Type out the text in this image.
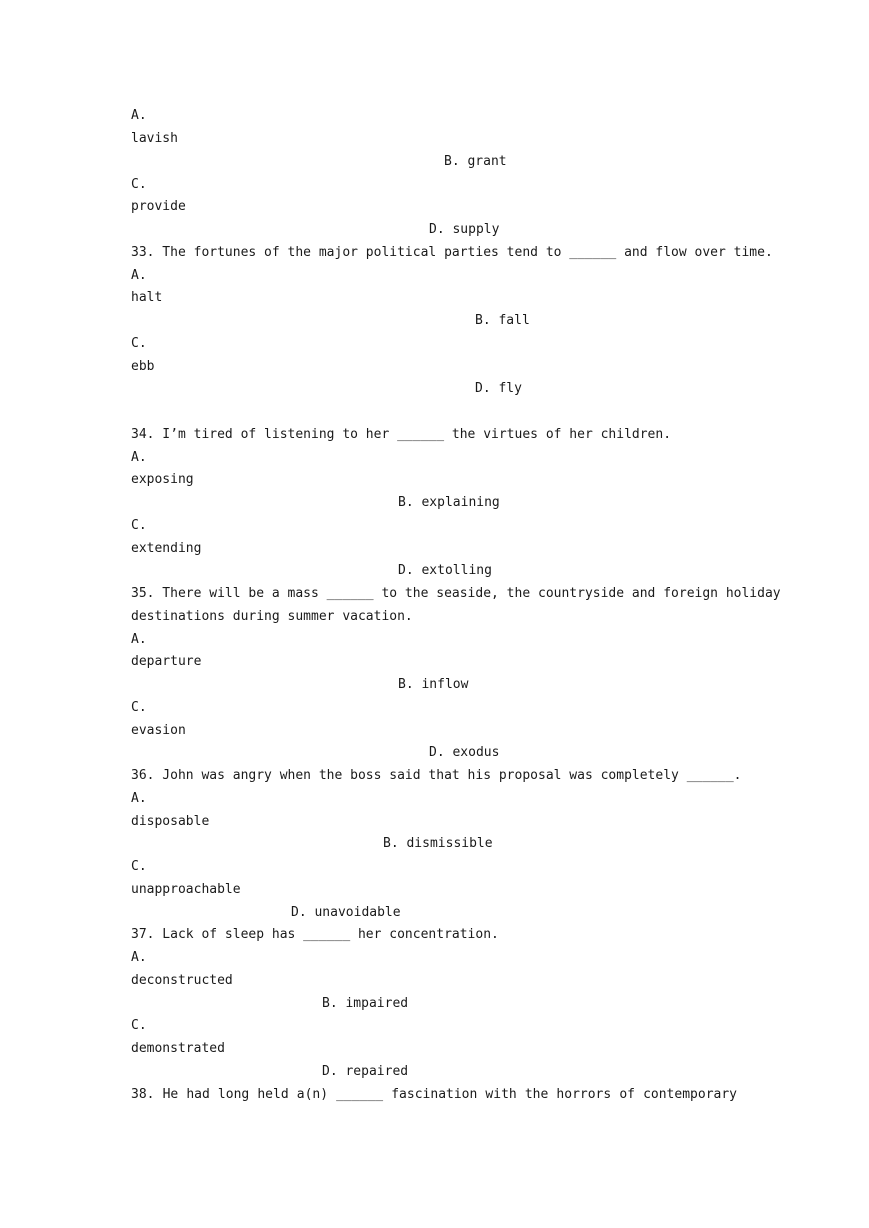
A.
lavish
B. grant
C.
provide
D. supply
33. The fortunes of the major political parties tend to ______ and flow over time.
A.
halt
B. fall
C.
ebb
D. fly
34. I’m tired of listening to her ______ the virtues of her children.
A.
exposing
B. explaining
C.
extending
D. extolling
35. There will be a mass ______ to the seaside, the countryside and foreign holiday
destinations during summer vacation.
A.
departure
B. inflow
C.
evasion
D. exodus
36. John was angry when the boss said that his proposal was completely ______.
A.
disposable
B. dismissible
C.
unapproachable
D. unavoidable
37. Lack of sleep has ______ her concentration.
A.
deconstructed
B. impaired
C.
demonstrated
D. repaired
38. He had long held a(n) ______ fascination with the horrors of contemporary
